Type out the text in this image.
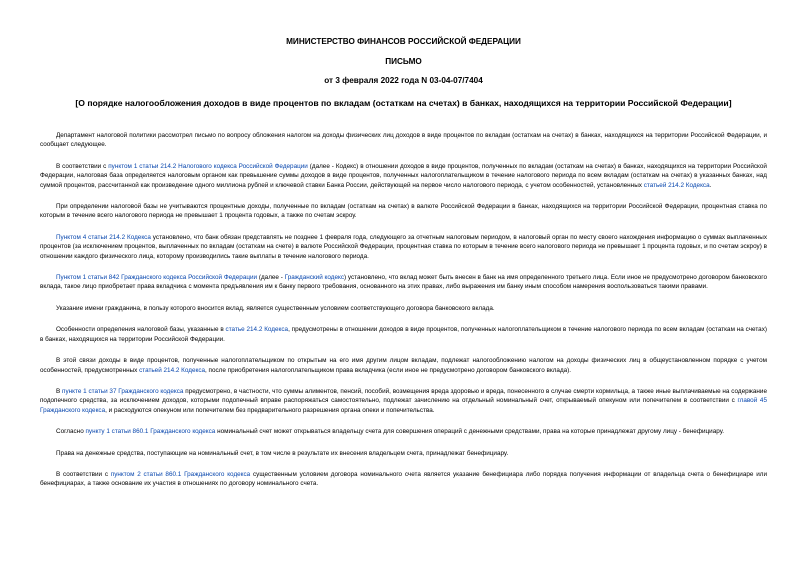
МИНИСТЕРСТВО ФИНАНСОВ РОССИЙСКОЙ ФЕДЕРАЦИИ
ПИСЬМО
от 3 февраля 2022 года N 03-04-07/7404
[О порядке налогообложения доходов в виде процентов по вкладам (остаткам на счетах) в банках, находящихся на территории Российской Федерации]

Департамент налоговой политики рассмотрел письмо по вопросу обложения налогом на доходы физических лиц доходов в виде процентов по вкладам (остаткам на счетах) в банках, находящихся на территории Российской Федерации, и сообщает следующее.

В соответствии с пунктом 1 статьи 214.2 Налогового кодекса Российской Федерации (далее - Кодекс) в отношении доходов в виде процентов, полученных по вкладам (остаткам на счетах) в банках, находящихся на территории Российской Федерации, налоговая база определяется налоговым органом как превышение суммы доходов в виде процентов, полученных налогоплательщиком в течение налогового периода по всем вкладам (остаткам на счетах) в указанных банках, над суммой процентов, рассчитанной как произведение одного миллиона рублей и ключевой ставки Банка России, действующей на первое число налогового периода, с учетом особенностей, установленных статьей 214.2 Кодекса.

При определении налоговой базы не учитываются процентные доходы, полученные по вкладам (остаткам на счетах) в валюте Российской Федерации в банках, находящихся на территории Российской Федерации, процентная ставка по которым в течение всего налогового периода не превышает 1 процента годовых, а также по счетам эскроу.

Пунктом 4 статьи 214.2 Кодекса установлено, что банк обязан представлять не позднее 1 февраля года, следующего за отчетным налоговым периодом, в налоговый орган по месту своего нахождения информацию о суммах выплаченных процентов (за исключением процентов, выплаченных по вкладам (остаткам на счете) в валюте Российской Федерации, процентная ставка по которым в течение всего налогового периода не превышает 1 процента годовых, и по счетам эскроу) в отношении каждого физического лица, которому производились такие выплаты в течение налогового периода.

Пунктом 1 статьи 842 Гражданского кодекса Российской Федерации (далее - Гражданский кодекс) установлено, что вклад может быть внесен в банк на имя определенного третьего лица. Если иное не предусмотрено договором банковского вклада, такое лицо приобретает права вкладчика с момента предъявления им к банку первого требования, основанного на этих правах, либо выражения им банку иным способом намерения воспользоваться такими правами.

Указание имени гражданина, в пользу которого вносится вклад, является существенным условием соответствующего договора банковского вклада.

Особенности определения налоговой базы, указанные в статье 214.2 Кодекса, предусмотрены в отношении доходов в виде процентов, полученных налогоплательщиком в течение налогового периода по всем вкладам (остаткам на счетах) в банках, находящихся на территории Российской Федерации.

В этой связи доходы в виде процентов, полученные налогоплательщиком по открытым на его имя другим лицом вкладам, подлежат налогообложению налогом на доходы физических лиц в общеустановленном порядке с учетом особенностей, предусмотренных статьей 214.2 Кодекса, после приобретения налогоплательщиком права вкладчика (если иное не предусмотрено договором банковского вклада).

В пункте 1 статьи 37 Гражданского кодекса предусмотрено, в частности, что суммы алиментов, пенсий, пособий, возмещения вреда здоровью и вреда, понесенного в случае смерти кормильца, а также иные выплачиваемые на содержание подопечного средства, за исключением доходов, которыми подопечный вправе распоряжаться самостоятельно, подлежат зачислению на отдельный номинальный счет, открываемый опекуном или попечителем в соответствии с главой 45 Гражданского кодекса, и расходуются опекуном или попечителем без предварительного разрешения органа опеки и попечительства.

Согласно пункту 1 статьи 860.1 Гражданского кодекса номинальный счет может открываться владельцу счета для совершения операций с денежными средствами, права на которые принадлежат другому лицу - бенефициару.

Права на денежные средства, поступающие на номинальный счет, в том числе в результате их внесения владельцем счета, принадлежат бенефициару.

В соответствии с пунктом 2 статьи 860.1 Гражданского кодекса существенным условием договора номинального счета является указание бенефициара либо порядка получения информации от владельца счета о бенефициаре или бенефициарах, а также основание их участия в отношениях по договору номинального счета.
